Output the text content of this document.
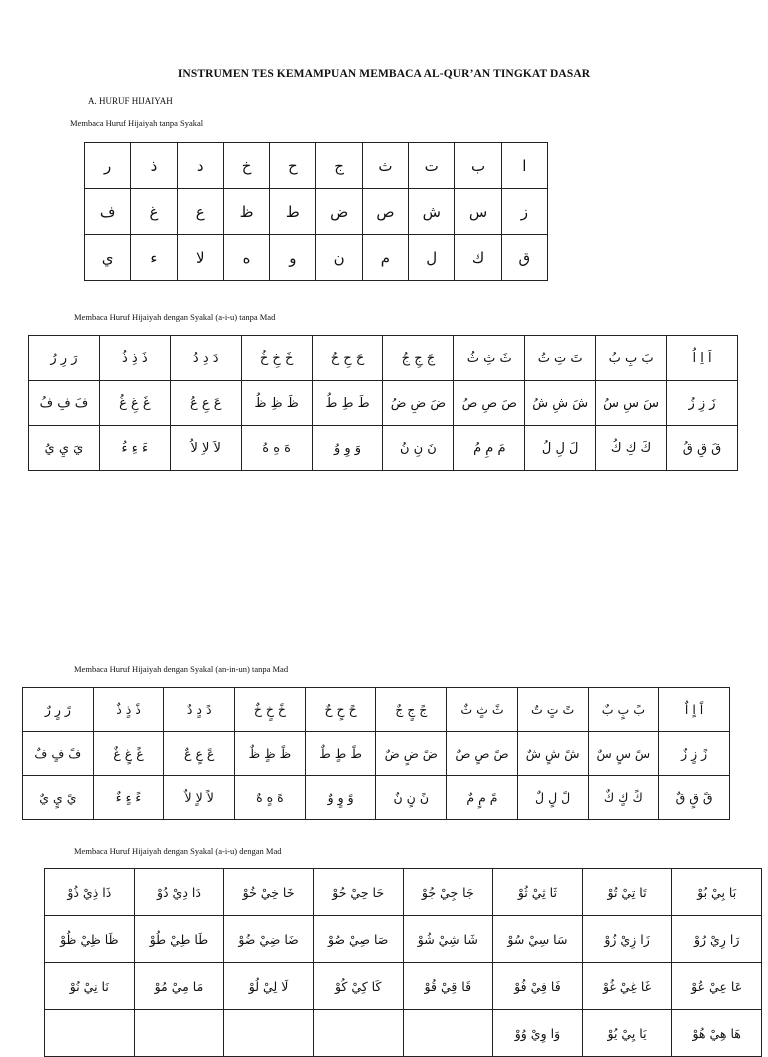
INSTRUMEN TES KEMAMPUAN MEMBACA AL-QUR’AN TINGKAT DASAR
A. HURUF HIJAIYAH
Membaca Huruf Hijaiyah tanpa Syakal
ر	ذ	د	خ	ح	ج	ث	ت	ب	ا
ف	غ	ع	ظ	ط	ض	ص	ش	س	ز
ي	ء	لا	ه	و	ن	م	ل	ك	ق
Membaca Huruf Hijaiyah dengan Syakal (a-i-u) tanpa Mad
رَ رِ رُ	ذَ ذِ ذُ	دَ دِ دُ	خَ خِ خُ	حَ حِ حُ	جَ جِ جُ	ثَ ثِ ثُ	تَ تِ تُ	بَ بِ بُ	اَ اِ اُ
فَ فِ فُ	غَ غِ غُ	عَ عِ عُ	ظَ ظِ ظُ	طَ طِ طُ	ضَ ضِ ضُ	صَ صِ صُ	شَ شِ شُ	سَ سِ سُ	زَ زِ زُ
يَ يِ يُ	ءَ ءِ ءُ	لاَ لاِ لاُ	هَ هِ هُ	وَ وِ وُ	نَ نِ نُ	مَ مِ مُ	لَ لِ لُ	كَ كِ كُ	قَ قِ قُ
Membaca Huruf Hijaiyah dengan Syakal (an-in-un) tanpa Mad
رً رٍ رٌ	ذً ذٍ ذٌ	دً دٍ دٌ	خً خٍ خٌ	حً حٍ حٌ	جً جٍ جٌ	ثً ثٍ ثٌ	تً تٍ تٌ	بً بٍ بٌ	اً اٍ اٌ
فً فٍ فٌ	غً غٍ غٌ	عً عٍ عٌ	ظً ظٍ ظٌ	طً طٍ طٌ	ضً ضٍ ضٌ	صً صٍ صٌ	شً شٍ شٌ	سً سٍ سٌ	زً زٍ زٌ
يً يٍ يٌ	ءً ءٍ ءٌ	لاً لاٍ لاٌ	هً هٍ هٌ	وً وٍ وٌ	نً نٍ نٌ	مً مٍ مٌ	لً لٍ لٌ	كً كٍ كٌ	قً قٍ قٌ
Membaca Huruf Hijaiyah dengan Syakal (a-i-u) dengan Mad
ذَا ذِيْ ذُوْ	دَا دِيْ دُوْ	خَا خِيْ خُوْ	حَا حِيْ حُوْ	جَا جِيْ جُوْ	ثَا ثِيْ ثُوْ	تَا تِيْ تُوْ	بَا بِيْ بُوْ
ظَا ظِيْ ظُوْ	طَا طِيْ طُوْ	ضَا ضِيْ ضُوْ	صَا صِيْ صُوْ	شَا شِيْ شُوْ	سَا سِيْ سُوْ	زَا زِيْ زُوْ	رَا رِيْ رُوْ
نَا نِيْ نُوْ	مَا مِيْ مُوْ	لَا لِيْ لُوْ	كَا كِيْ كُوْ	قَا قِيْ قُوْ	فَا فِيْ فُوْ	غَا غِيْ غُوْ	عَا عِيْ عُوْ
					وَا وِيْ وُوْ	يَا يِيْ يُوْ	هَا هِيْ هُوْ
